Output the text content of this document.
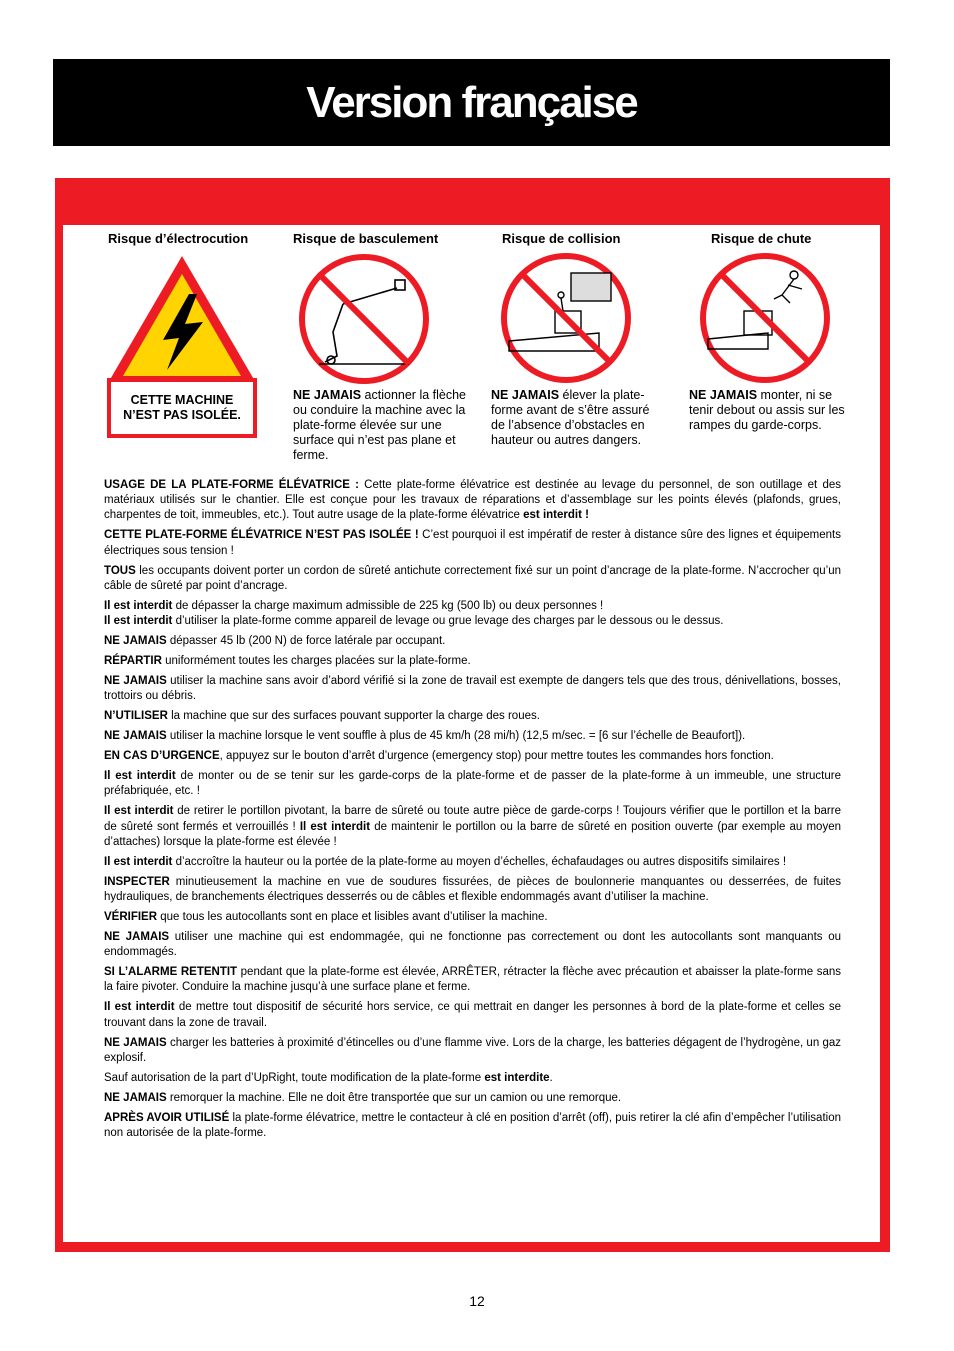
Version française
Risque d’électrocution	Risque de basculement	Risque de collision	Risque de chute
CETTE MACHINE
N’EST PAS ISOLÉE.
NE JAMAIS actionner la flèche ou conduire la machine avec la plate-forme élevée sur une surface qui n’est pas plane et ferme.
NE JAMAIS élever la plate-forme avant de s’être assuré de l’absence d’obstacles en hauteur ou autres dangers.
NE JAMAIS monter, ni se tenir debout ou assis sur les rampes du garde-corps.

USAGE DE LA PLATE-FORME ÉLÉVATRICE : Cette plate-forme élévatrice est destinée au levage du personnel, de son outillage et des matériaux utilisés sur le chantier. Elle est conçue pour les travaux de réparations et d’assemblage sur les points élevés (plafonds, grues, charpentes de toit, immeubles, etc.). Tout autre usage de la plate-forme élévatrice est interdit !

CETTE PLATE-FORME ÉLÉVATRICE N’EST PAS ISOLÉE ! C’est pourquoi il est impératif de rester à distance sûre des lignes et équipements électriques sous tension !

TOUS les occupants doivent porter un cordon de sûreté antichute correctement fixé sur un point d’ancrage de la plate-forme. N’accrocher qu’un câble de sûreté par point d’ancrage.

Il est interdit de dépasser la charge maximum admissible de 225 kg (500 lb) ou deux personnes !

Il est interdit d’utiliser la plate-forme comme appareil de levage ou grue levage des charges par le dessous ou le dessus.

NE JAMAIS dépasser 45 lb (200 N) de force latérale par occupant.

RÉPARTIR uniformément toutes les charges placées sur la plate-forme.

NE JAMAIS utiliser la machine sans avoir d’abord vérifié si la zone de travail est exempte de dangers tels que des trous, dénivellations, bosses, trottoirs ou débris.

N’UTILISER la machine que sur des surfaces pouvant supporter la charge des roues.

NE JAMAIS utiliser la machine lorsque le vent souffle à plus de 45 km/h (28 mi/h) (12,5 m/sec. = [6 sur l’échelle de Beaufort]).

EN CAS D’URGENCE, appuyez sur le bouton d’arrêt d’urgence (emergency stop) pour mettre toutes les commandes hors fonction.

Il est interdit de monter ou de se tenir sur les garde-corps de la plate-forme et de passer de la plate-forme à un immeuble, une structure préfabriquée, etc. !

Il est interdit de retirer le portillon pivotant, la barre de sûreté ou toute autre pièce de garde-corps ! Toujours vérifier que le portillon et la barre de sûreté sont fermés et verrouillés ! Il est interdit de maintenir le portillon ou la barre de sûreté en position ouverte (par exemple au moyen d’attaches) lorsque la plate-forme est élevée !

Il est interdit d’accroître la hauteur ou la portée de la plate-forme au moyen d’échelles, échafaudages ou autres dispositifs similaires !

INSPECTER minutieusement la machine en vue de soudures fissurées, de pièces de boulonnerie manquantes ou desserrées, de fuites hydrauliques, de branchements électriques desserrés ou de câbles et flexible endommagés avant d’utiliser la machine.

VÉRIFIER que tous les autocollants sont en place et lisibles avant d’utiliser la machine.

NE JAMAIS utiliser une machine qui est endommagée, qui ne fonctionne pas correctement ou dont les autocollants sont manquants ou endommagés.

SI L’ALARME RETENTIT pendant que la plate-forme est élevée, ARRÊTER, rétracter la flèche avec précaution et abaisser la plate-forme sans la faire pivoter. Conduire la machine jusqu’à une surface plane et ferme.

Il est interdit de mettre tout dispositif de sécurité hors service, ce qui mettrait en danger les personnes à bord de la plate-forme et celles se trouvant dans la zone de travail.

NE JAMAIS charger les batteries à proximité d’étincelles ou d’une flamme vive. Lors de la charge, les batteries dégagent de l’hydrogène, un gaz explosif.

Sauf autorisation de la part d’UpRight, toute modification de la plate-forme est interdite.

NE JAMAIS remorquer la machine. Elle ne doit être transportée que sur un camion ou une remorque.

APRÈS AVOIR UTILISÉ la plate-forme élévatrice, mettre le contacteur à clé en position d’arrêt (off), puis retirer la clé afin d’empêcher l’utilisation non autorisée de la plate-forme.

12
